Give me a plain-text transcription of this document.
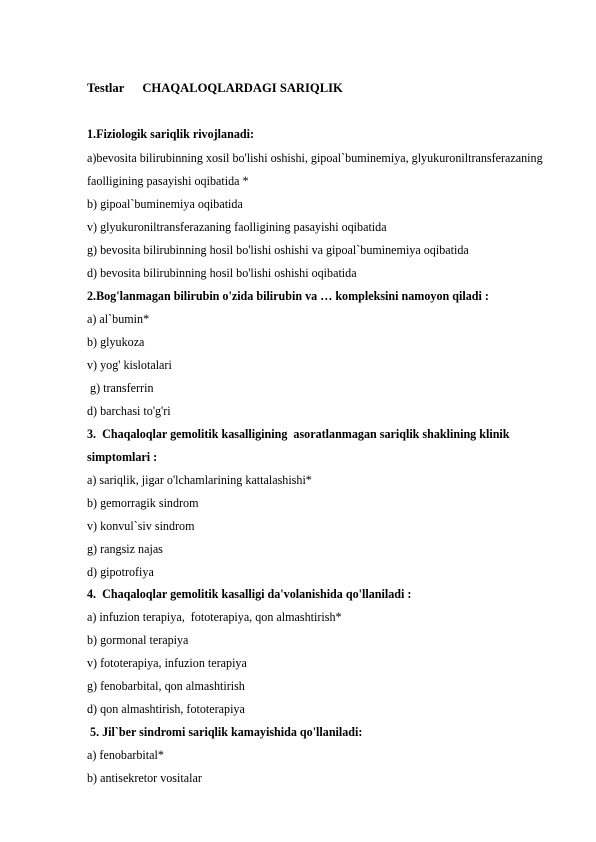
Testlar CHAQALOQLARDAGI SARIQLIK
1.Fiziologik sariqlik rivojlanadi:
a)bevosita bilirubinning xosil bo'lishi oshishi, gipoal`buminemiya, glyukuroniltransferazaning
faolligining pasayishi oqibatida *
b) gipoal`buminemiya oqibatida
v) glyukuroniltransferazaning faolligining pasayishi oqibatida
g) bevosita bilirubinning hosil bo'lishi oshishi va gipoal`buminemiya oqibatida
d) bevosita bilirubinning hosil bo'lishi oshishi oqibatida
2.Bog'lanmagan bilirubin o'zida bilirubin va … kompleksini namoyon qiladi :
a) al`bumin*
b) glyukoza
v) yog' kislotalari
g) transferrin
d) barchasi to'g'ri
3.  Chaqaloqlar gemolitik kasalligining  asoratlanmagan sariqlik shaklining klinik
simptomlari :
a) sariqlik, jigar o'lchamlarining kattalashishi*
b) gemorragik sindrom
v) konvul`siv sindrom
g) rangsiz najas
d) gipotrofiya
4.  Chaqaloqlar gemolitik kasalligi da'volanishida qo'llaniladi :
a) infuzion terapiya,  fototerapiya, qon almashtirish*
b) gormonal terapiya
v) fototerapiya, infuzion terapiya
g) fenobarbital, qon almashtirish
d) qon almashtirish, fototerapiya
5. Jil`ber sindromi sariqlik kamayishida qo'llaniladi:
a) fenobarbital*
b) antisekretor vositalar
